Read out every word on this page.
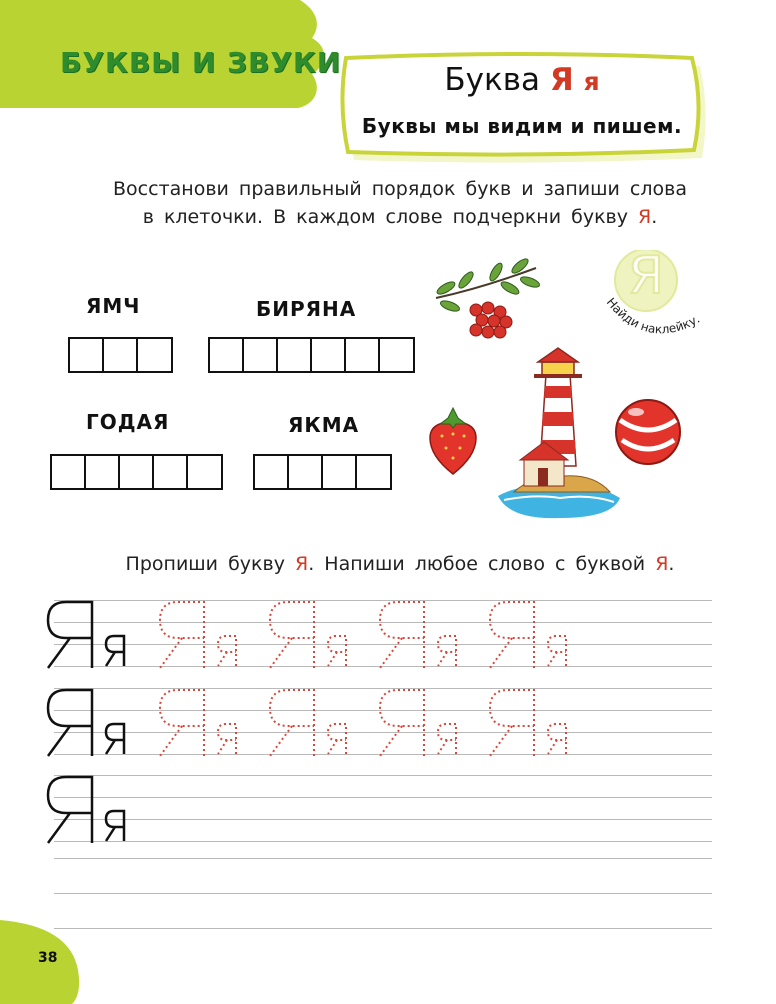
БУКВЫ И ЗВУКИ	Буква Я я
Буквы мы видим и пишем.
Восстанови правильный порядок букв и запиши слова
в клеточки. В каждом слове подчеркни букву Я.
ЯМЧ	БИРЯНА
ГОДАЯ	ЯКМА
Найди наклейку.
Я
Пропиши букву Я. Напиши любое слово с буквой Я.
38
